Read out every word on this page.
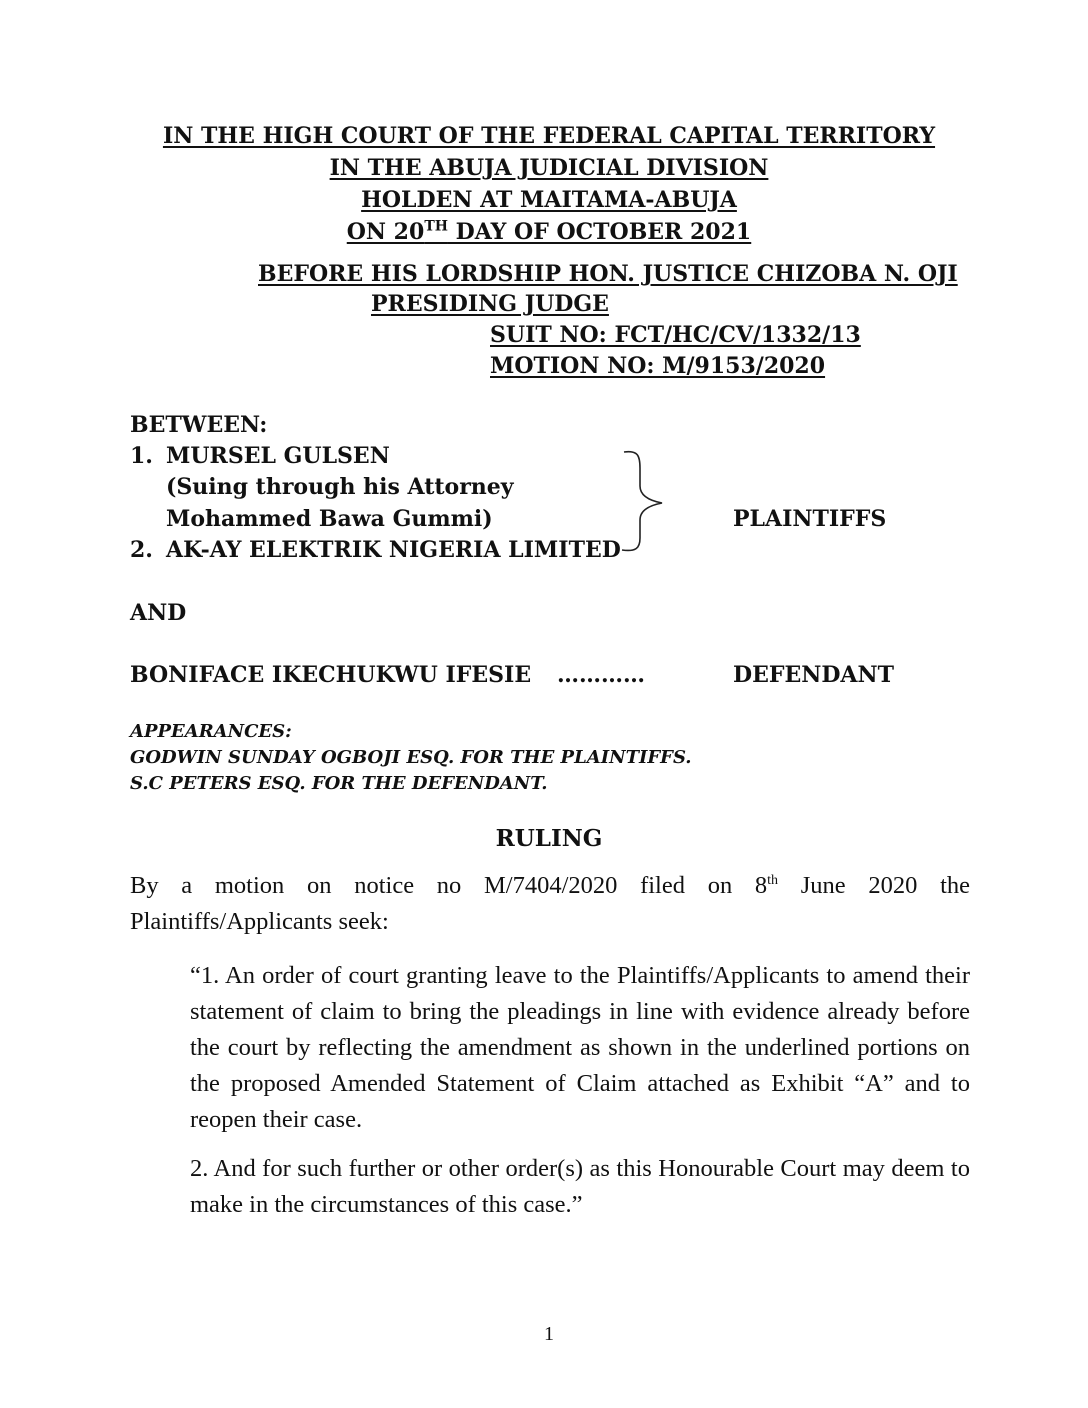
IN THE HIGH COURT OF THE FEDERAL CAPITAL TERRITORY
IN THE ABUJA JUDICIAL DIVISION
HOLDEN AT MAITAMA-ABUJA
ON 20TH DAY OF OCTOBER 2021
BEFORE HIS LORDSHIP HON. JUSTICE CHIZOBA N. OJI
PRESIDING JUDGE
SUIT NO: FCT/HC/CV/1332/13
MOTION NO: M/9153/2020
BETWEEN:
1. MURSEL GULSEN
(Suing through his Attorney
Mohammed Bawa Gummi)
2. AK-AY ELEKTRIK NIGERIA LIMITED
PLAINTIFFS
AND
BONIFACE IKECHUKWU IFESIE …………	DEFENDANT
APPEARANCES:
GODWIN SUNDAY OGBOJI ESQ. FOR THE PLAINTIFFS.
S.C PETERS ESQ. FOR THE DEFENDANT.
RULING
By a motion on notice no M/7404/2020 filed on 8th June 2020 the Plaintiffs/Applicants seek:
“1. An order of court granting leave to the Plaintiffs/Applicants to amend their statement of claim to bring the pleadings in line with evidence already before the court by reflecting the amendment as shown in the underlined portions on the proposed Amended Statement of Claim attached as Exhibit “A” and to reopen their case.
2. And for such further or other order(s) as this Honourable Court may deem to make in the circumstances of this case.”
1
